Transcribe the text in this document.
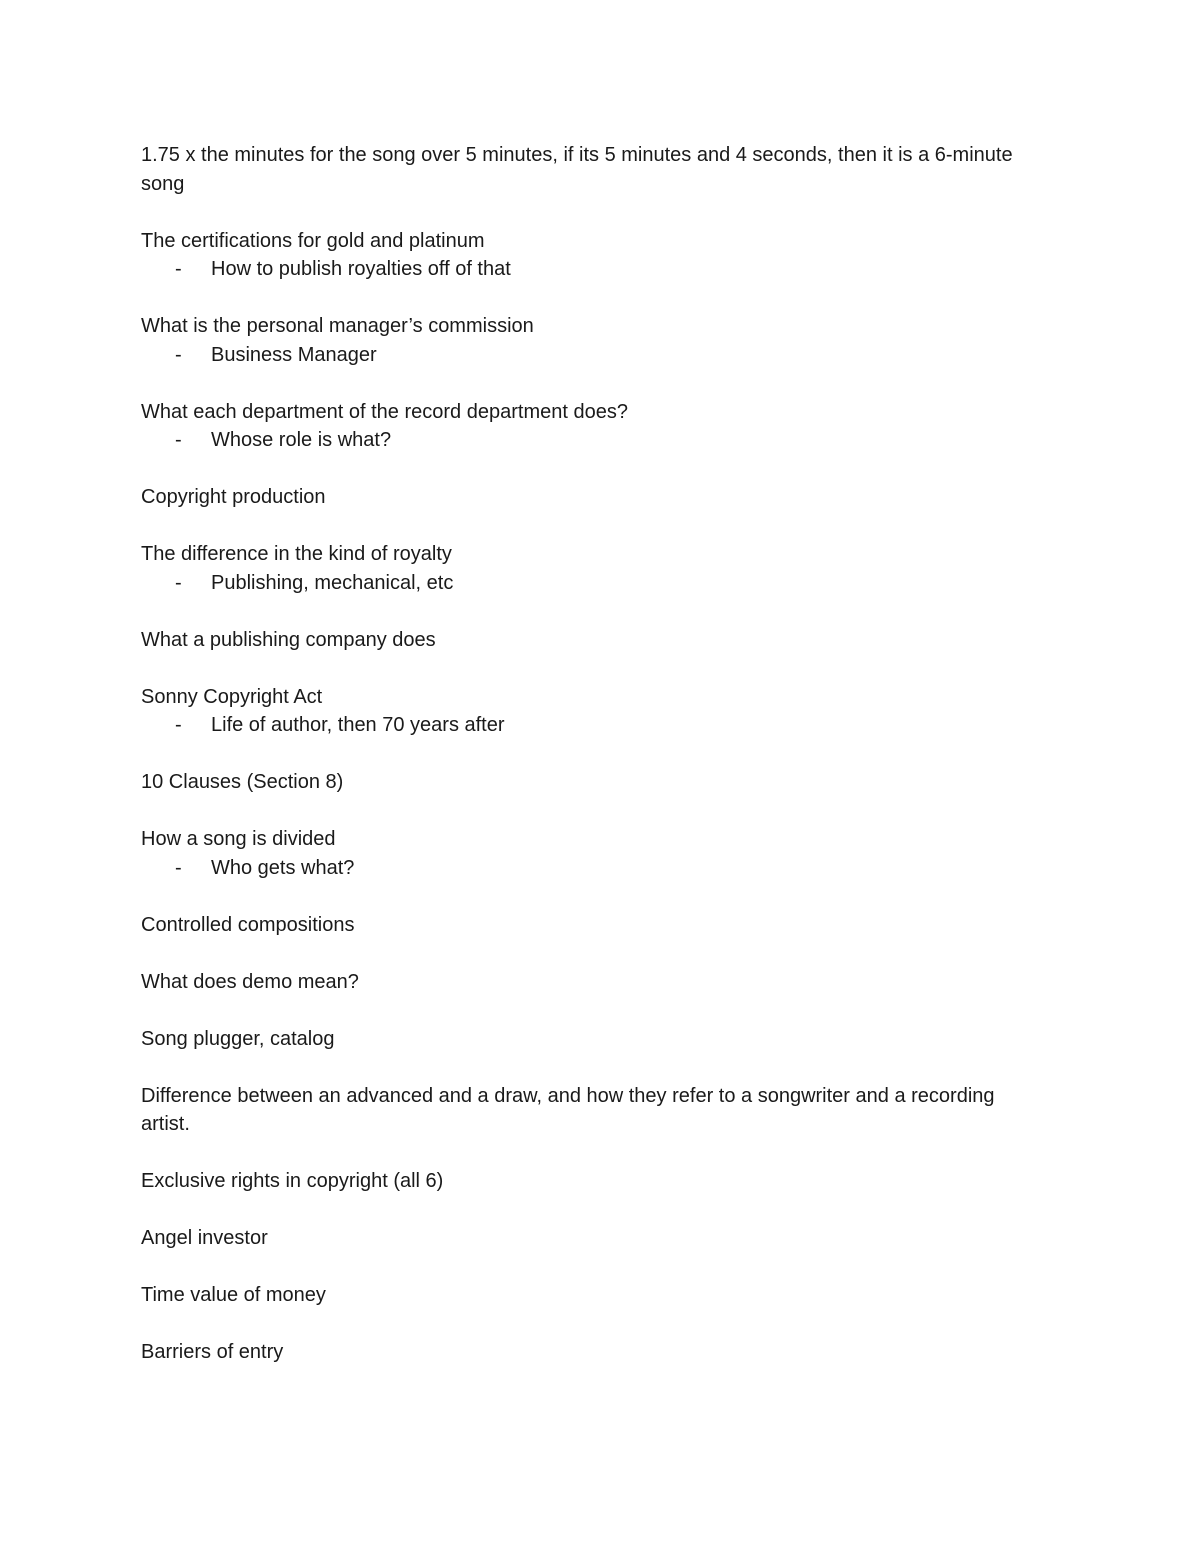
1.75 x the minutes for the song over 5 minutes, if its 5 minutes and 4 seconds, then it is a 6-minute song

The certifications for gold and platinum

- How to publish royalties off of that

What is the personal manager’s commission

- Business Manager

What each department of the record department does?

- Whose role is what?

Copyright production

The difference in the kind of royalty

- Publishing, mechanical, etc

What a publishing company does

Sonny Copyright Act

- Life of author, then 70 years after

10 Clauses (Section 8)

How a song is divided

- Who gets what?

Controlled compositions

What does demo mean?

Song plugger, catalog

Difference between an advanced and a draw, and how they refer to a songwriter and a recording artist.

Exclusive rights in copyright (all 6)

Angel investor

Time value of money

Barriers of entry
